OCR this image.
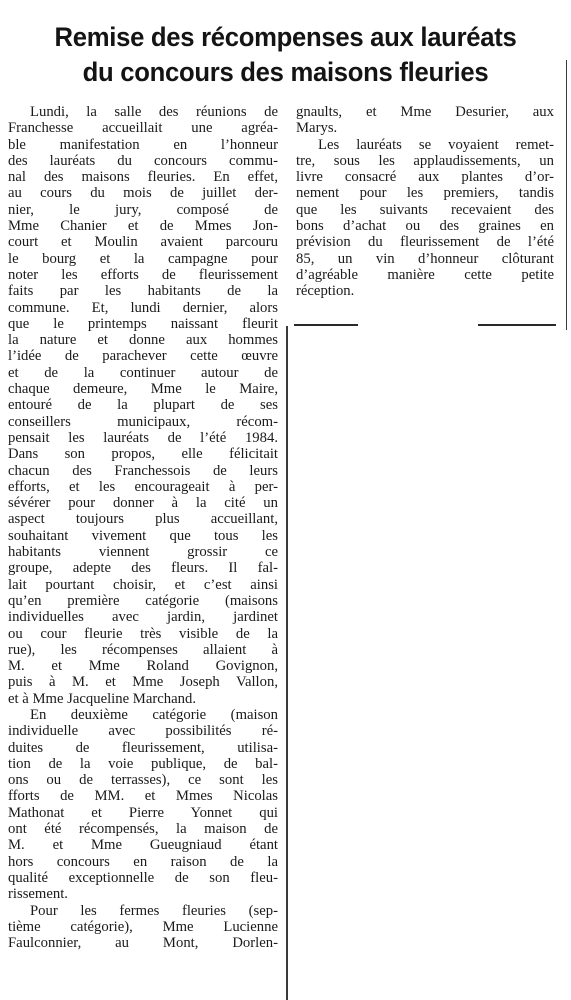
Remise des récompenses aux lauréats
du concours des maisons fleuries
Lundi, la salle des réunions de
Franchesse accueillait une agréa-
ble manifestation en l’honneur
des lauréats du concours commu-
nal des maisons fleuries. En effet,
au cours du mois de juillet der-
nier, le jury, composé de
Mme Chanier et de Mmes Jon-
court et Moulin avaient parcouru
le bourg et la campagne pour
noter les efforts de fleurissement
faits par les habitants de la
commune. Et, lundi dernier, alors
que le printemps naissant fleurit
la nature et donne aux hommes
l’idée de parachever cette œuvre
et de la continuer autour de
chaque demeure, Mme le Maire,
entouré de la plupart de ses
conseillers municipaux, récom-
pensait les lauréats de l’été 1984.
Dans son propos, elle félicitait
chacun des Franchessois de leurs
efforts, et les encourageait à per-
sévérer pour donner à la cité un
aspect toujours plus accueillant,
souhaitant vivement que tous les
habitants viennent grossir ce
groupe, adepte des fleurs. Il fal-
lait pourtant choisir, et c’est ainsi
qu’en première catégorie (maisons
individuelles avec jardin, jardinet
ou cour fleurie très visible de la
rue), les récompenses allaient à
M. et Mme Roland Govignon,
puis à M. et Mme Joseph Vallon,
et à Mme Jacqueline Marchand.
En deuxième catégorie (maison
individuelle avec possibilités ré-
duites de fleurissement, utilisa-
tion de la voie publique, de bal-
ons ou de terrasses), ce sont les
fforts de MM. et Mmes Nicolas
Mathonat et Pierre Yonnet qui
ont été récompensés, la maison de
M. et Mme Gueugniaud étant
hors concours en raison de la
qualité exceptionnelle de son fleu-
rissement.
Pour les fermes fleuries (sep-
tième catégorie), Mme Lucienne
Faulconnier, au Mont, Dorlen-
gnaults, et Mme Desurier, aux
Marys.
Les lauréats se voyaient remet-
tre, sous les applaudissements, un
livre consacré aux plantes d’or-
nement pour les premiers, tandis
que les suivants recevaient des
bons d’achat ou des graines en
prévision du fleurissement de l’été
85, un vin d’honneur clôturant
d’agréable manière cette petite
réception.
